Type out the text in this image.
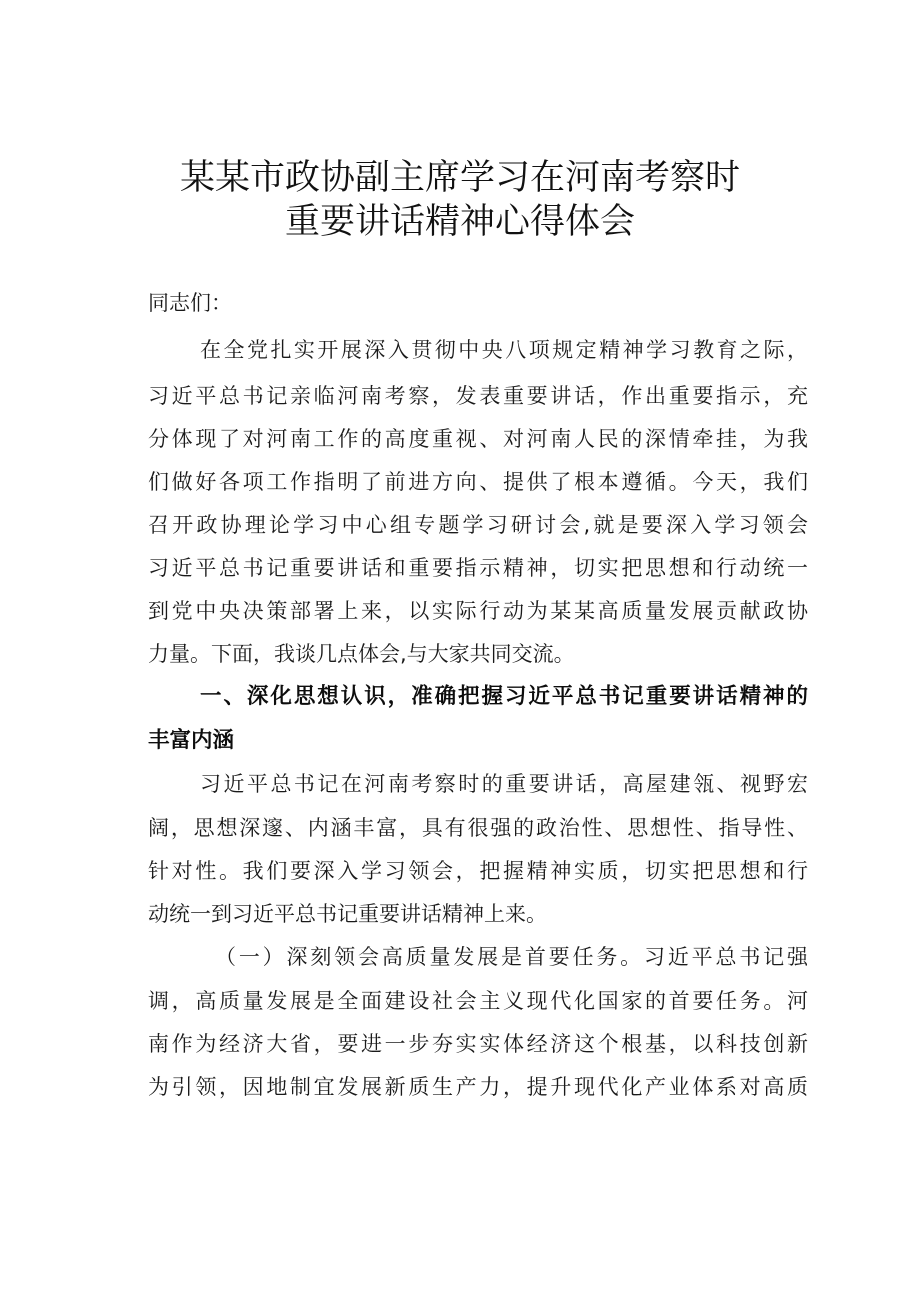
某某市政协副主席学习在河南考察时
重要讲话精神心得体会
同志们：
在全党扎实开展深入贯彻中央八项规定精神学习教育之际，
习近平总书记亲临河南考察，发表重要讲话，作出重要指示，充
分体现了对河南工作的高度重视、对河南人民的深情牵挂，为我
们做好各项工作指明了前进方向、提供了根本遵循。今天，我们
召开政协理论学习中心组专题学习研讨会,就是要深入学习领会
习近平总书记重要讲话和重要指示精神，切实把思想和行动统一
到党中央决策部署上来，以实际行动为某某高质量发展贡献政协
力量。下面，我谈几点体会,与大家共同交流。
一、深化思想认识，准确把握习近平总书记重要讲话精神的
丰富内涵
习近平总书记在河南考察时的重要讲话，高屋建瓴、视野宏
阔，思想深邃、内涵丰富，具有很强的政治性、思想性、指导性、
针对性。我们要深入学习领会，把握精神实质，切实把思想和行
动统一到习近平总书记重要讲话精神上来。
（一）深刻领会高质量发展是首要任务。习近平总书记强
调，高质量发展是全面建设社会主义现代化国家的首要任务。河
南作为经济大省，要进一步夯实实体经济这个根基，以科技创新
为引领，因地制宜发展新质生产力，提升现代化产业体系对高质
